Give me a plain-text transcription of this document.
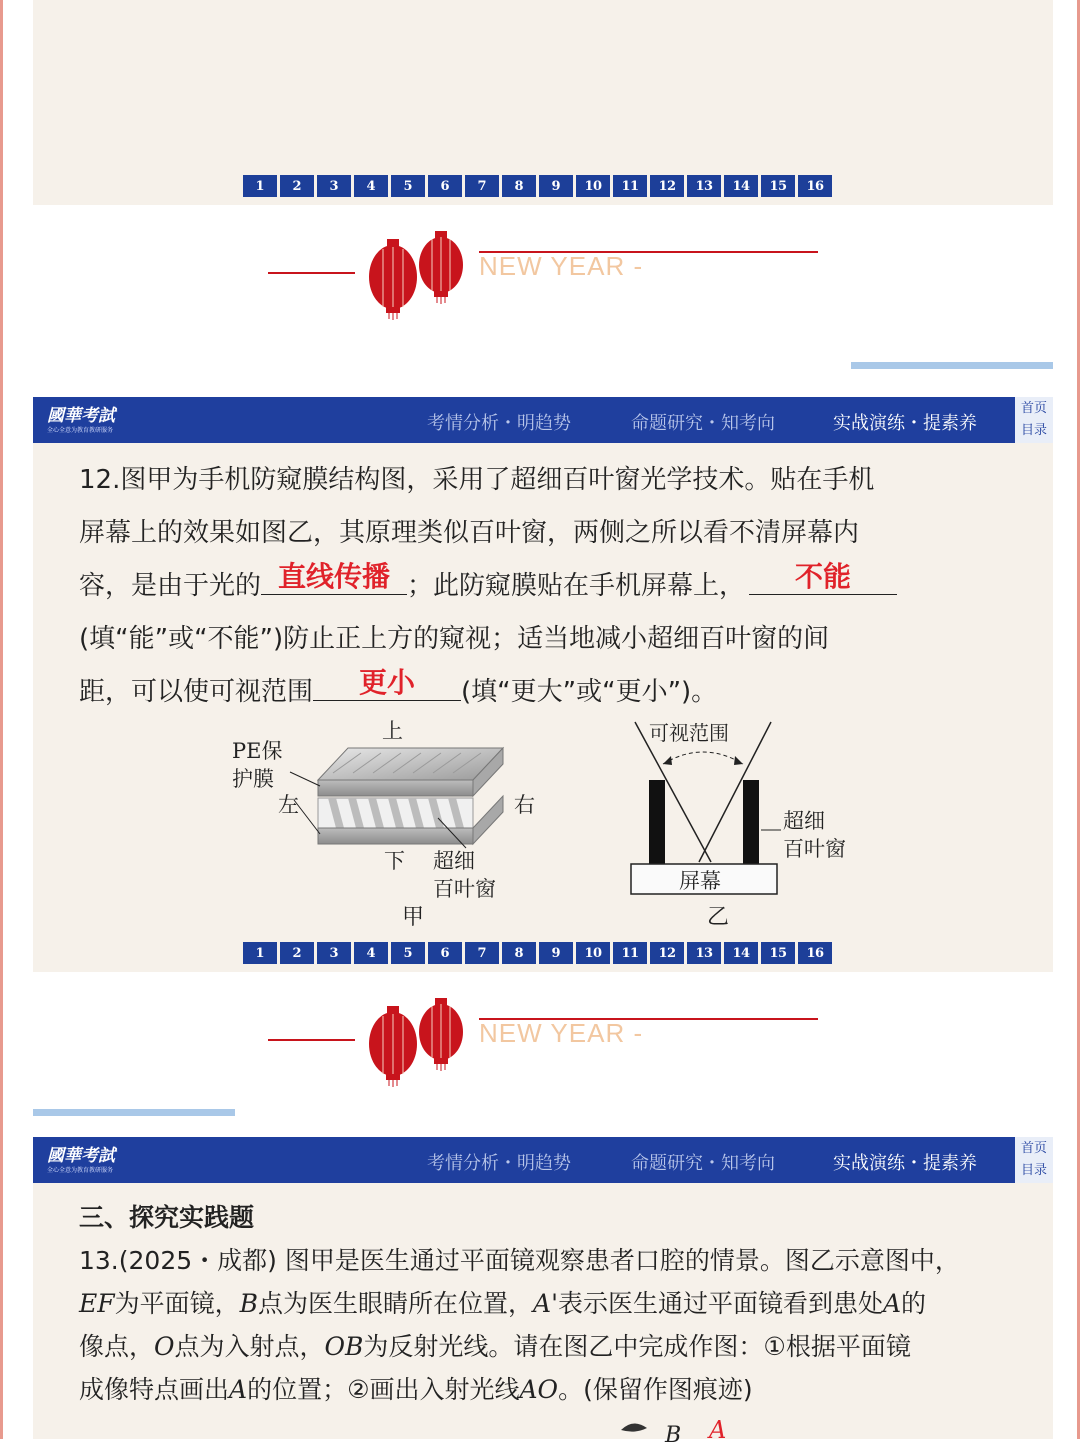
1	2	3	4	5	6	7	8	9	10	11	12	13	14	15	16
NEW YEAR -
國華考試
全心全意为教育教研服务	考情分析・明趋势	命题研究・知考向	实战演练・提素养
首页
目录
12.图甲为手机防窥膜结构图，采用了超细百叶窗光学技术。贴在手机
屏幕上的效果如图乙，其原理类似百叶窗，两侧之所以看不清屏幕内
容，是由于光的 直线传播 ；此防窥膜贴在手机屏幕上， 不能
(填“能”或“不能”)防止正上方的窥视；适当地减小超细百叶窗的间
距，可以使可视范围 更小 (填“更大”或“更小”)。
上
PE保
护膜
左	右
下 超细
百叶窗
甲
可视范围
屏幕
超细
百叶窗
乙
1	2	3	4	5	6	7	8	9	10	11	12	13	14	15	16
NEW YEAR -
國華考試
全心全意为教育教研服务	考情分析・明趋势	命题研究・知考向	实战演练・提素养
首页
目录
三、探究实践题
13.(2025・成都) 图甲是医生通过平面镜观察患者口腔的情景。图乙示意图中，
EF为平面镜，B点为医生眼睛所在位置，A'表示医生通过平面镜看到患处A的
像点，O点为入射点，OB为反射光线。请在图乙中完成作图：①根据平面镜
成像特点画出A的位置；②画出入射光线AO。(保留作图痕迹)
B A
